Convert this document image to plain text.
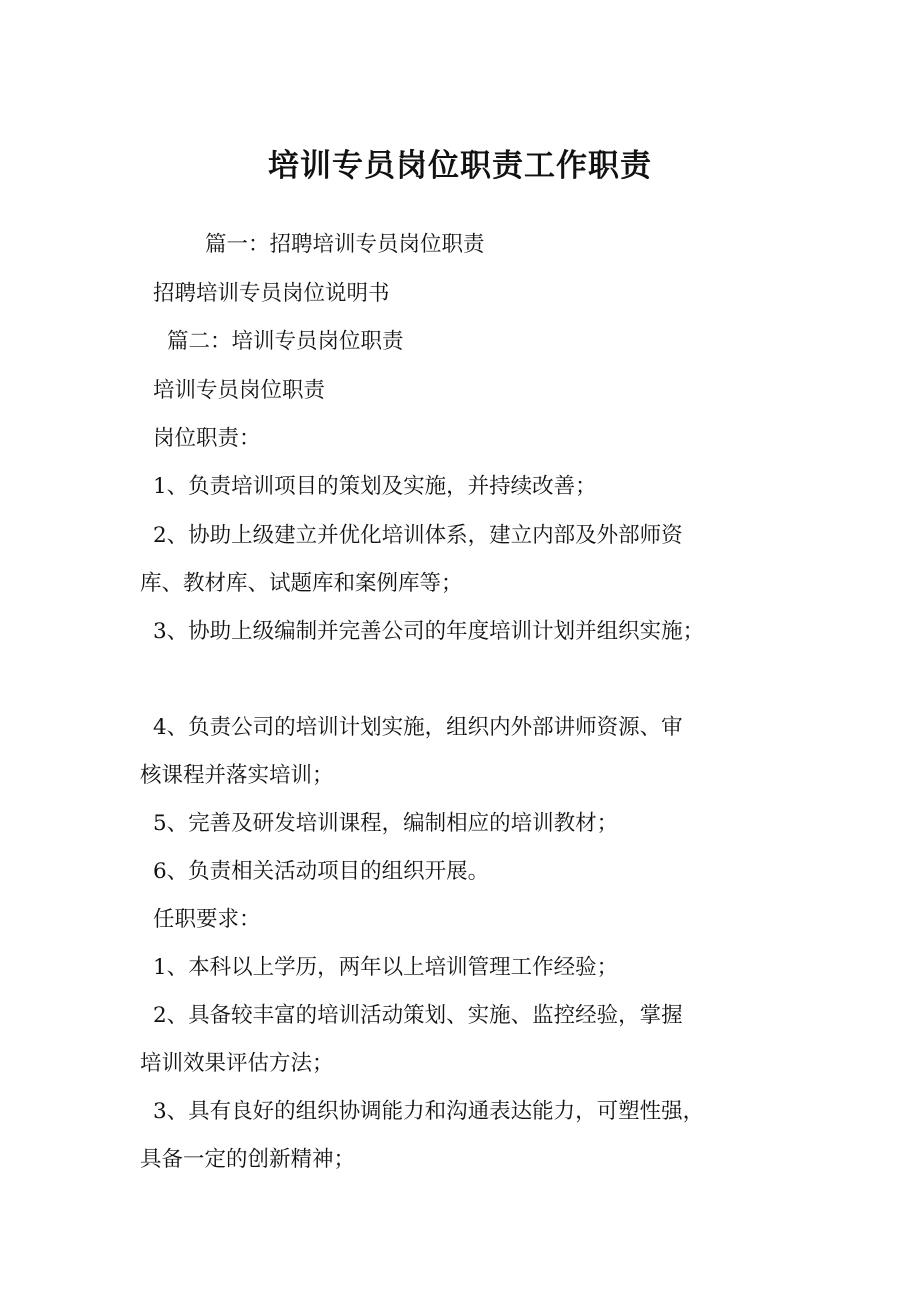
培训专员岗位职责工作职责

篇一：招聘培训专员岗位职责

招聘培训专员岗位说明书

篇二：培训专员岗位职责

培训专员岗位职责

岗位职责：

1、负责培训项目的策划及实施，并持续改善；

2、协助上级建立并优化培训体系，建立内部及外部师资

库、教材库、试题库和案例库等；

3、协助上级编制并完善公司的年度培训计划并组织实施；

4、负责公司的培训计划实施，组织内外部讲师资源、审

核课程并落实培训；

5、完善及研发培训课程，编制相应的培训教材；

6、负责相关活动项目的组织开展。

任职要求：

1、本科以上学历，两年以上培训管理工作经验；

2、具备较丰富的培训活动策划、实施、监控经验，掌握

培训效果评估方法；

3、具有良好的组织协调能力和沟通表达能力，可塑性强，

具备一定的创新精神；
